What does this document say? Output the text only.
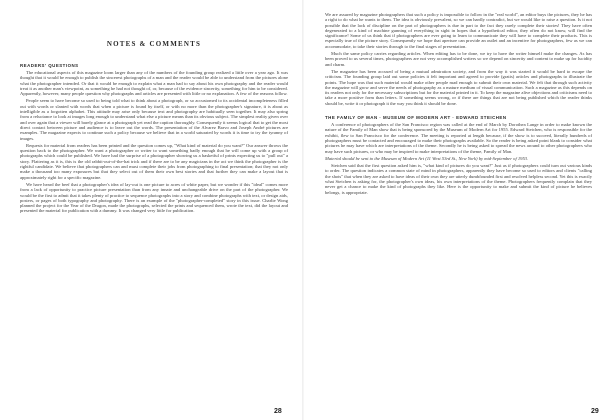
NOTES & COMMENTS
READERS' QUESTIONS

The educational aspects of this magazine loom larger than any of the numbers of the founding group realized a little over a year ago. It was thought that it would be enough to publish the sincerest photographs of a man and the reader would be able to understand from the pictures alone what the photographer intended. Or that it would be enough to explain what a man had to say about his own photography and the reader would treat it as another man's viewpoint, as something he had not thought of, or, because of the evidence sincerity, something for him to be considered. Apparently, however, many people question why photographs and articles are presented with little or no explanation. A few of the reasons follow.

People seem to have become so used to being told what to think about a photograph, or so accustomed to its accidental incompleteness filled out with words or slanted with words that when a picture is found by itself, or with no more than the photographer's signature, it is about as intelligible as a forgotten alphabet. This attitude may arise only because text and photography are habitually seen together. It may also spring from a reluctance to look at images long enough to understand what else a picture means than its obvious subject. The simplest reality given over and over again that a viewer will barely glance at a photograph yet read the caption thoroughly. Consequently it seems logical that to get the most direct contact between picture and audience is to leave out the words. The presentation of the Alvarez Bravo and Joseph André pictures are examples. The magazine expects to continue such a policy because we believe that in a world saturated by words it is time to try the tyranny of images.

Requests for material from readers has been printed and the question comes up, "What kind of material do you want?" Our answer throws the question back to the photographer. We want a photographer or writer to want something badly enough that he will come up with a group of photographs which could be published. We have had the surprise of a photographer showing us a basketful of prints expecting us to "pull out" a story. Flattering as it is, this is the old rabbit-out-of-the-hat trick and if there are to be any magicians in the act we think the photographer is the rightful candidate. We believe that photographers can and must complete their jobs from photographing to final presentation; that they not only make a thousand too many exposures but that they select out of them their own best stories and that further they can make a layout that is approximately right for a specific magazine.

We have heard the beef that a photographer's idea of lay-out is one picture to acres of white paper, but we wonder if this "ideal" comes more from a lack of opportunity to practice picture presentation than from any innate and unchangeable drive on the part of the photographer. We would be the first to admit that it takes plenty of practice to sequence photographs into a story and combine photographs with text, or design aids, posters, or pages of both typography and photography. There is an example of the "photographer-completed" story in this issue. Charlie Wong planned the project for the Year of the Dragon, made the photographs, selected the prints and sequenced them, wrote the text, did the layout and presented the material for publication with a dummy. It was changed very little for publication.

28

We are assured by magazine photographers that such a policy is impossible to follow in the "real world", an editor buys the pictures, they he has a right to do what he wants to them. The idea is obviously prevalent, so we can hardly contradict, but we would like to raise a question. Is it not possible that the lack of discipline on the part of photographers is due in part to the fact they rarely complete their stories! They have often degenerated to a kind of machine gunning of everything in sight in hopes that a hypothetical editor, they often do not know, will find the significance! Some of us think that if photographers are ever going to learn to communicate they will have to complete their products. This is especially true of the picture story. Consequently we hope that aperture can provide an outlet and an incentive for photographers, few as we can accommodate, to take their stories through to the final stages of presentation.

Much the same policy carries regarding articles. When editing has to be done, we try to have the writer himself make the changes. As has been proved to us several times, photographers are not very accomplished writers so we depend on sincerity and content to make up for lucidity and charm.

The magazine has been accused of being a mutual admiration society, and from the way it was started it would be hard to escape the criticism. The founding group laid out some policies it felt important and agreed to provide (gratis) articles and photographs to illustrate the points. The hope was that such material would make other people mad enough to submit their own material. We felt that through such activity the magazine will grow and serve the needs of photography as a mature medium of visual communication. Such a magazine as this depends on its readers not only for the necessary subscriptions but for the material printed in it. To keep the magazine alive objections and criticisms need to take a more positive form than letters. If something seems wrong, or if there are things that are not being published which the reader thinks should be, write it or photograph it the way you think it should be done.

THE FAMILY OF MAN · MUSEUM OF MODERN ART · EDWARD STEICHEN

A conference of photographers of the San Francisco region was called at the end of March by Dorothea Lange in order to make known the nature of the Family of Man show that is being sponsored by the Museum of Modern Art for 1955. Edward Steichen, who is responsible for the exhibit, flew to San Francisco for the conference. The meeting is reported at length because, if the show is to succeed, literally hundreds of photographers must be contacted and encouraged to make their photographs available. So the reader is being asked point blank to consider what pictures he may have which are interpretations of the theme. Secondly he is being asked to spread the news around to other photographers who may have such pictures, or who may be inspired to make interpretations of the theme, Family of Man.

Material should be sent to the Museum of Modern Art (11 West 53rd St., New York) by mid-September of 1953.

Steichen said that the first question asked him is, "what kind of pictures do you want?" Just as if photographers could turn out various kinds to order. The question indicates a common state of mind in photographers, apparently they have become so used to editors and clients "calling the shots" that when they are asked to have ideas of their own they are utterly dumbfounded first and resolved helpless second. Yet this is exactly what Steichen is asking for, the photographer's own ideas, his own interpretations of the theme. Photographers frequently complain that they never get a chance to make the kind of photographs they like. Here is the opportunity to make and submit the kind of picture he believes belongs, is appropriate.

29
